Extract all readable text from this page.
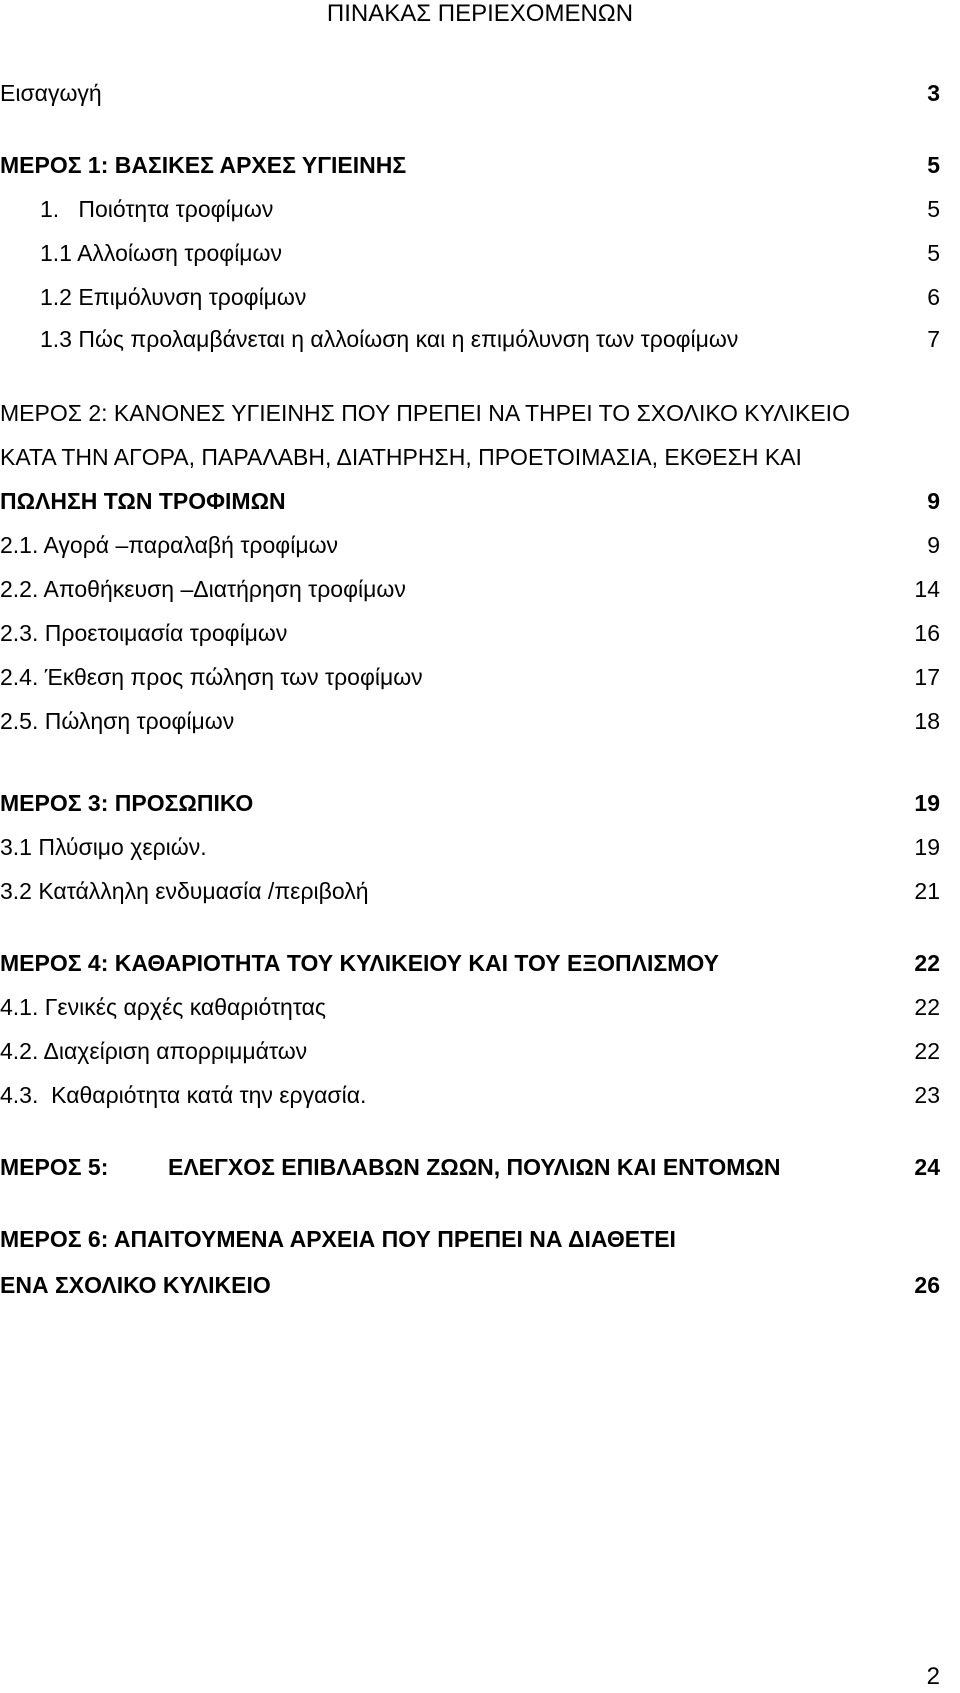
ΠΙΝΑΚΑΣ ΠΕΡΙΕΧΟΜΕΝΩΝ
Εισαγωγή	3
ΜΕΡΟΣ 1: ΒΑΣΙΚΕΣ ΑΡΧΕΣ ΥΓΙΕΙΝΗΣ	5
1.   Ποιότητα τροφίμων	5
1.1 Αλλοίωση τροφίμων	5
1.2 Επιμόλυνση τροφίμων	6
1.3 Πώς προλαμβάνεται η αλλοίωση και η επιμόλυνση των τροφίμων	7
ΜΕΡΟΣ 2: ΚΑΝΟΝΕΣ ΥΓΙΕΙΝΗΣ ΠΟΥ ΠΡΕΠΕΙ ΝΑ ΤΗΡΕΙ ΤΟ ΣΧΟΛΙΚΟ ΚΥΛΙΚΕΙΟ
ΚΑΤΑ ΤΗΝ ΑΓΟΡΑ, ΠΑΡΑΛΑΒΗ, ΔΙΑΤΗΡΗΣΗ, ΠΡΟΕΤΟΙΜΑΣΙΑ, ΕΚΘΕΣΗ ΚΑΙ
ΠΩΛΗΣΗ ΤΩΝ ΤΡΟΦΙΜΩΝ	9
2.1. Αγορά –παραλαβή τροφίμων	9
2.2. Αποθήκευση –Διατήρηση τροφίμων	14
2.3. Προετοιμασία τροφίμων	16
2.4. Έκθεση προς πώληση των τροφίμων	17
2.5. Πώληση τροφίμων	18
ΜΕΡΟΣ 3: ΠΡΟΣΩΠΙΚΟ	19
3.1 Πλύσιμο χεριών.	19
3.2 Κατάλληλη ενδυμασία /περιβολή	21
ΜΕΡΟΣ 4: ΚΑΘΑΡΙΟΤΗΤΑ ΤΟΥ ΚΥΛΙΚΕΙΟΥ ΚΑΙ ΤΟΥ ΕΞΟΠΛΙΣΜΟΥ	22
4.1. Γενικές αρχές καθαριότητας	22
4.2. Διαχείριση απορριμμάτων	22
4.3.  Καθαριότητα κατά την εργασία.	23
ΜΕΡΟΣ 5:	ΕΛΕΓΧΟΣ ΕΠΙΒΛΑΒΩΝ ΖΩΩΝ, ΠΟΥΛΙΩΝ ΚΑΙ ΕΝΤΟΜΩΝ	24
ΜΕΡΟΣ 6: ΑΠΑΙΤΟΥΜΕΝΑ ΑΡΧΕΙΑ ΠΟΥ ΠΡΕΠΕΙ ΝΑ ΔΙΑΘΕΤΕΙ
ΕΝΑ ΣΧΟΛΙΚΟ ΚΥΛΙΚΕΙΟ	26
2
